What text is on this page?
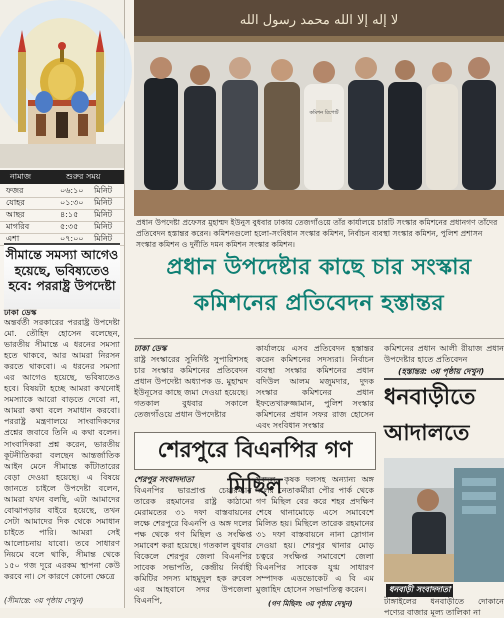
নামাজ	শুরুর সময়
ফজর	০৬:১০ মিনিট
যোহর	০১:৩০ মিনিট
আছর	৪:১৫ মিনিট
মাগরিব	৫:৩৫ মিনিট
এশা	০৭:০০ মিনিট
সীমান্তে সমস্যা আগেও হয়েছে, ভবিষ্যতেও হবে: পররাষ্ট্র উপদেষ্টা
ঢাকা ডেস্ক
অন্তর্বর্তী সরকারের পররাষ্ট্র উপদেষ্টা মো. তৌহিদ হোসেন বলেছেন, ভারতীয় সীমান্তে এ ধরনের সমস্যা হতে থাকবে, আর আমরা নিরসন করতে থাকবো। এ ধরনের সমস্যা এর আগেও হয়েছে, ভবিষ্যতেও হবে। বিষয়টা হচ্ছে আমরা কখনোই সমস্যাকে আরো বাড়তে দেবো না, আমরা কথা বলে সমাধান করবো। পররাষ্ট্র মন্ত্রণালয়ে সাংবাদিকদের প্রশ্নের জবাবে তিনি এ কথা বলেন। সাংবাদিকরা প্রশ্ন করেন, ভারতীয় কূটনীতিকরা বলছেন আন্তর্জাতিক আইন মেনে সীমান্তে কাঁটাতারের বেড়া দেওয়া হয়েছে। এ বিষয়ে জানতে চাইলে উপদেষ্টা বলেন, আমরা যখন বলছি, এটা আমাদের বোঝাপড়ার বাইরে হয়েছে, তখন সেটা আমাদের দিক থেকে সমাধান চাইতে পারি। আমরা সেই আলোচনায় যাবো। তবে সাধারণ নিয়মে বলে থাকি, সীমান্ত থেকে ১৫০ গজ দূরে এরকম স্থাপনা কেউ করবে না। সে কারণে কোনো ক্ষেত্রে
(সীমান্তে: ৩য় পৃষ্ঠায় দেখুন)
لا إله إلا الله محمد رسول الله
কমিশন রিপোর্ট
প্রধান উপদেষ্টা প্রফেসর মুহাম্মদ ইউনুস বুধবার ঢাকায় তেজগাঁওয়ে তাঁর কার্যালয়ে চারটি সংস্কার কমিশনের প্রধানগণ তাঁদের প্রতিবেদন হস্তান্তর করেন। কমিশনগুলো হলো-সংবিধান সংস্কার কমিশন, নির্বাচন ব্যবস্থা সংস্কার কমিশন, পুলিশ প্রশাসন সংস্কার কমিশন ও দুর্নীতি দমন কমিশন সংস্কার কমিশন।
প্রধান উপদেষ্টার কাছে চার সংস্কার কমিশনের প্রতিবেদন হস্তান্তর
ঢাকা ডেস্ক
রাষ্ট্র সংস্কারের সুনির্দিষ্ট সুপারিশসহ চার সংস্কার কমিশনের প্রতিবেদন প্রধান উপদেষ্টা অধ্যাপক ড. মুহাম্মদ ইউনূসের কাছে জমা দেওয়া হয়েছে। গতকাল বুধবার সকালে তেজগাঁওয়ে প্রধান উপদেষ্টার
কার্যালয়ে এসব প্রতিবেদন হস্তান্তর করেন কমিশনের সদস্যরা। নির্বাচন ব্যবস্থা সংস্কার কমিশনের প্রধান বদিউল আলম মজুমদার, দুদক সংস্কার কমিশনের প্রধান ইফতেখারুজ্জামান, পুলিশ সংস্কার কমিশনের প্রধান সফর রাজ হোসেন এবং সংবিধান সংস্কার
কমিশনের প্রধান আলী রীয়াজ প্রধান উপদেষ্টার হাতে প্রতিবেদন
(হস্তান্তর: ৩য় পৃষ্ঠায় দেখুন)
শেরপুরে বিএনপির গণ মিছিল
শেরপুর সংবাদদাতা
বিএনপির ভারপ্রাপ্ত চেয়ারম্যান তারেক রহমানের রাষ্ট্র কাঠামো মেরামতের ৩১ দফা বাস্তবায়নের লক্ষে শেরপুরে বিএনপি ও অঙ্গ দলের পক্ষ থেকে গণ মিছিল ও সংক্ষিপ্ত সমাবেশ করা হয়েছে। গতকাল বুধবার বিকেলে শেরপুর জেলা বিএনপির সাবেক সভাপতি, কেন্দ্রীয় নির্বাহী কমিটির সদস্য মাহমুদুল হক রুবেল এর আহবানে সদর উপজেলা বিএনপি,
যুবদল, কৃষক দলসহ অন্যান্য অঙ্গ দলের নেতাকর্মীরা পৌর পার্ক থেকে গণ মিছিল বের করে শহর প্রদক্ষিণ শেষে থানামোড়ে এসে সমাবেশে মিলিত হয়। মিছিলে তারেক রহমানের ৩১ দফা বাস্তবায়নে নানা স্লোগান দেওয়া হয়। শেরপুর থানার মোড় চত্বরে সংক্ষিপ্ত সমাবেশে জেলা বিএনপির সাবেক যুগ্ম সাধারণ সম্পাদক এডভোকেট এ বি এম মুজাহিদ হোসেন সভাপতিত্ব করেন।
(গণ মিছিল: ৩য় পৃষ্ঠায় দেখুন)
ধনবাড়ীতে আদালতে
ধনবাড়ী সংবাদদাতা
টাঙ্গাইলের ধনবাড়ীতে দোকানে পণ্যের বাজার মূল্য তালিকা না
